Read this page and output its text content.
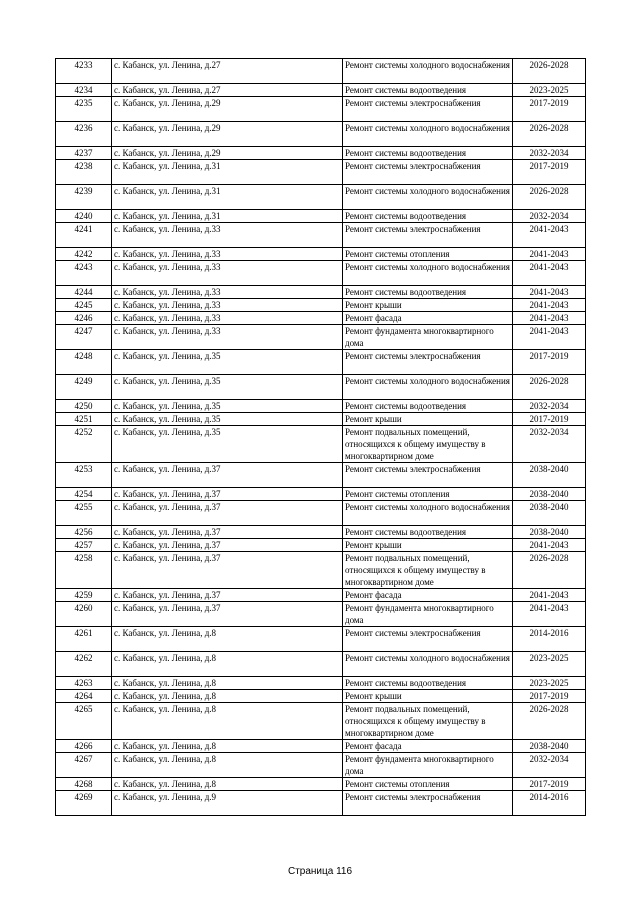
4233	с. Кабанск, ул. Ленина, д.27	Ремонт системы холодного водоснабжения	2026-2028
4234	с. Кабанск, ул. Ленина, д.27	Ремонт системы водоотведения	2023-2025
4235	с. Кабанск, ул. Ленина, д.29	Ремонт системы электроснабжения	2017-2019
4236	с. Кабанск, ул. Ленина, д.29	Ремонт системы холодного водоснабжения	2026-2028
4237	с. Кабанск, ул. Ленина, д.29	Ремонт системы водоотведения	2032-2034
4238	с. Кабанск, ул. Ленина, д.31	Ремонт системы электроснабжения	2017-2019
4239	с. Кабанск, ул. Ленина, д.31	Ремонт системы холодного водоснабжения	2026-2028
4240	с. Кабанск, ул. Ленина, д.31	Ремонт системы водоотведения	2032-2034
4241	с. Кабанск, ул. Ленина, д.33	Ремонт системы электроснабжения	2041-2043
4242	с. Кабанск, ул. Ленина, д.33	Ремонт системы отопления	2041-2043
4243	с. Кабанск, ул. Ленина, д.33	Ремонт системы холодного водоснабжения	2041-2043
4244	с. Кабанск, ул. Ленина, д.33	Ремонт системы водоотведения	2041-2043
4245	с. Кабанск, ул. Ленина, д.33	Ремонт крыши	2041-2043
4246	с. Кабанск, ул. Ленина, д.33	Ремонт фасада	2041-2043
4247	с. Кабанск, ул. Ленина, д.33	Ремонт фундамента многоквартирного дома	2041-2043
4248	с. Кабанск, ул. Ленина, д.35	Ремонт системы электроснабжения	2017-2019
4249	с. Кабанск, ул. Ленина, д.35	Ремонт системы холодного водоснабжения	2026-2028
4250	с. Кабанск, ул. Ленина, д.35	Ремонт системы водоотведения	2032-2034
4251	с. Кабанск, ул. Ленина, д.35	Ремонт крыши	2017-2019
4252	с. Кабанск, ул. Ленина, д.35	Ремонт подвальных помещений, относящихся к общему имуществу в многоквартирном доме	2032-2034
4253	с. Кабанск, ул. Ленина, д.37	Ремонт системы электроснабжения	2038-2040
4254	с. Кабанск, ул. Ленина, д.37	Ремонт системы отопления	2038-2040
4255	с. Кабанск, ул. Ленина, д.37	Ремонт системы холодного водоснабжения	2038-2040
4256	с. Кабанск, ул. Ленина, д.37	Ремонт системы водоотведения	2038-2040
4257	с. Кабанск, ул. Ленина, д.37	Ремонт крыши	2041-2043
4258	с. Кабанск, ул. Ленина, д.37	Ремонт подвальных помещений, относящихся к общему имуществу в многоквартирном доме	2026-2028
4259	с. Кабанск, ул. Ленина, д.37	Ремонт фасада	2041-2043
4260	с. Кабанск, ул. Ленина, д.37	Ремонт фундамента многоквартирного дома	2041-2043
4261	с. Кабанск, ул. Ленина, д.8	Ремонт системы электроснабжения	2014-2016
4262	с. Кабанск, ул. Ленина, д.8	Ремонт системы холодного водоснабжения	2023-2025
4263	с. Кабанск, ул. Ленина, д.8	Ремонт системы водоотведения	2023-2025
4264	с. Кабанск, ул. Ленина, д.8	Ремонт крыши	2017-2019
4265	с. Кабанск, ул. Ленина, д.8	Ремонт подвальных помещений, относящихся к общему имуществу в многоквартирном доме	2026-2028
4266	с. Кабанск, ул. Ленина, д.8	Ремонт фасада	2038-2040
4267	с. Кабанск, ул. Ленина, д.8	Ремонт фундамента многоквартирного дома	2032-2034
4268	с. Кабанск, ул. Ленина, д.8	Ремонт системы отопления	2017-2019
4269	с. Кабанск, ул. Ленина, д.9	Ремонт системы электроснабжения	2014-2016
Страница 116
